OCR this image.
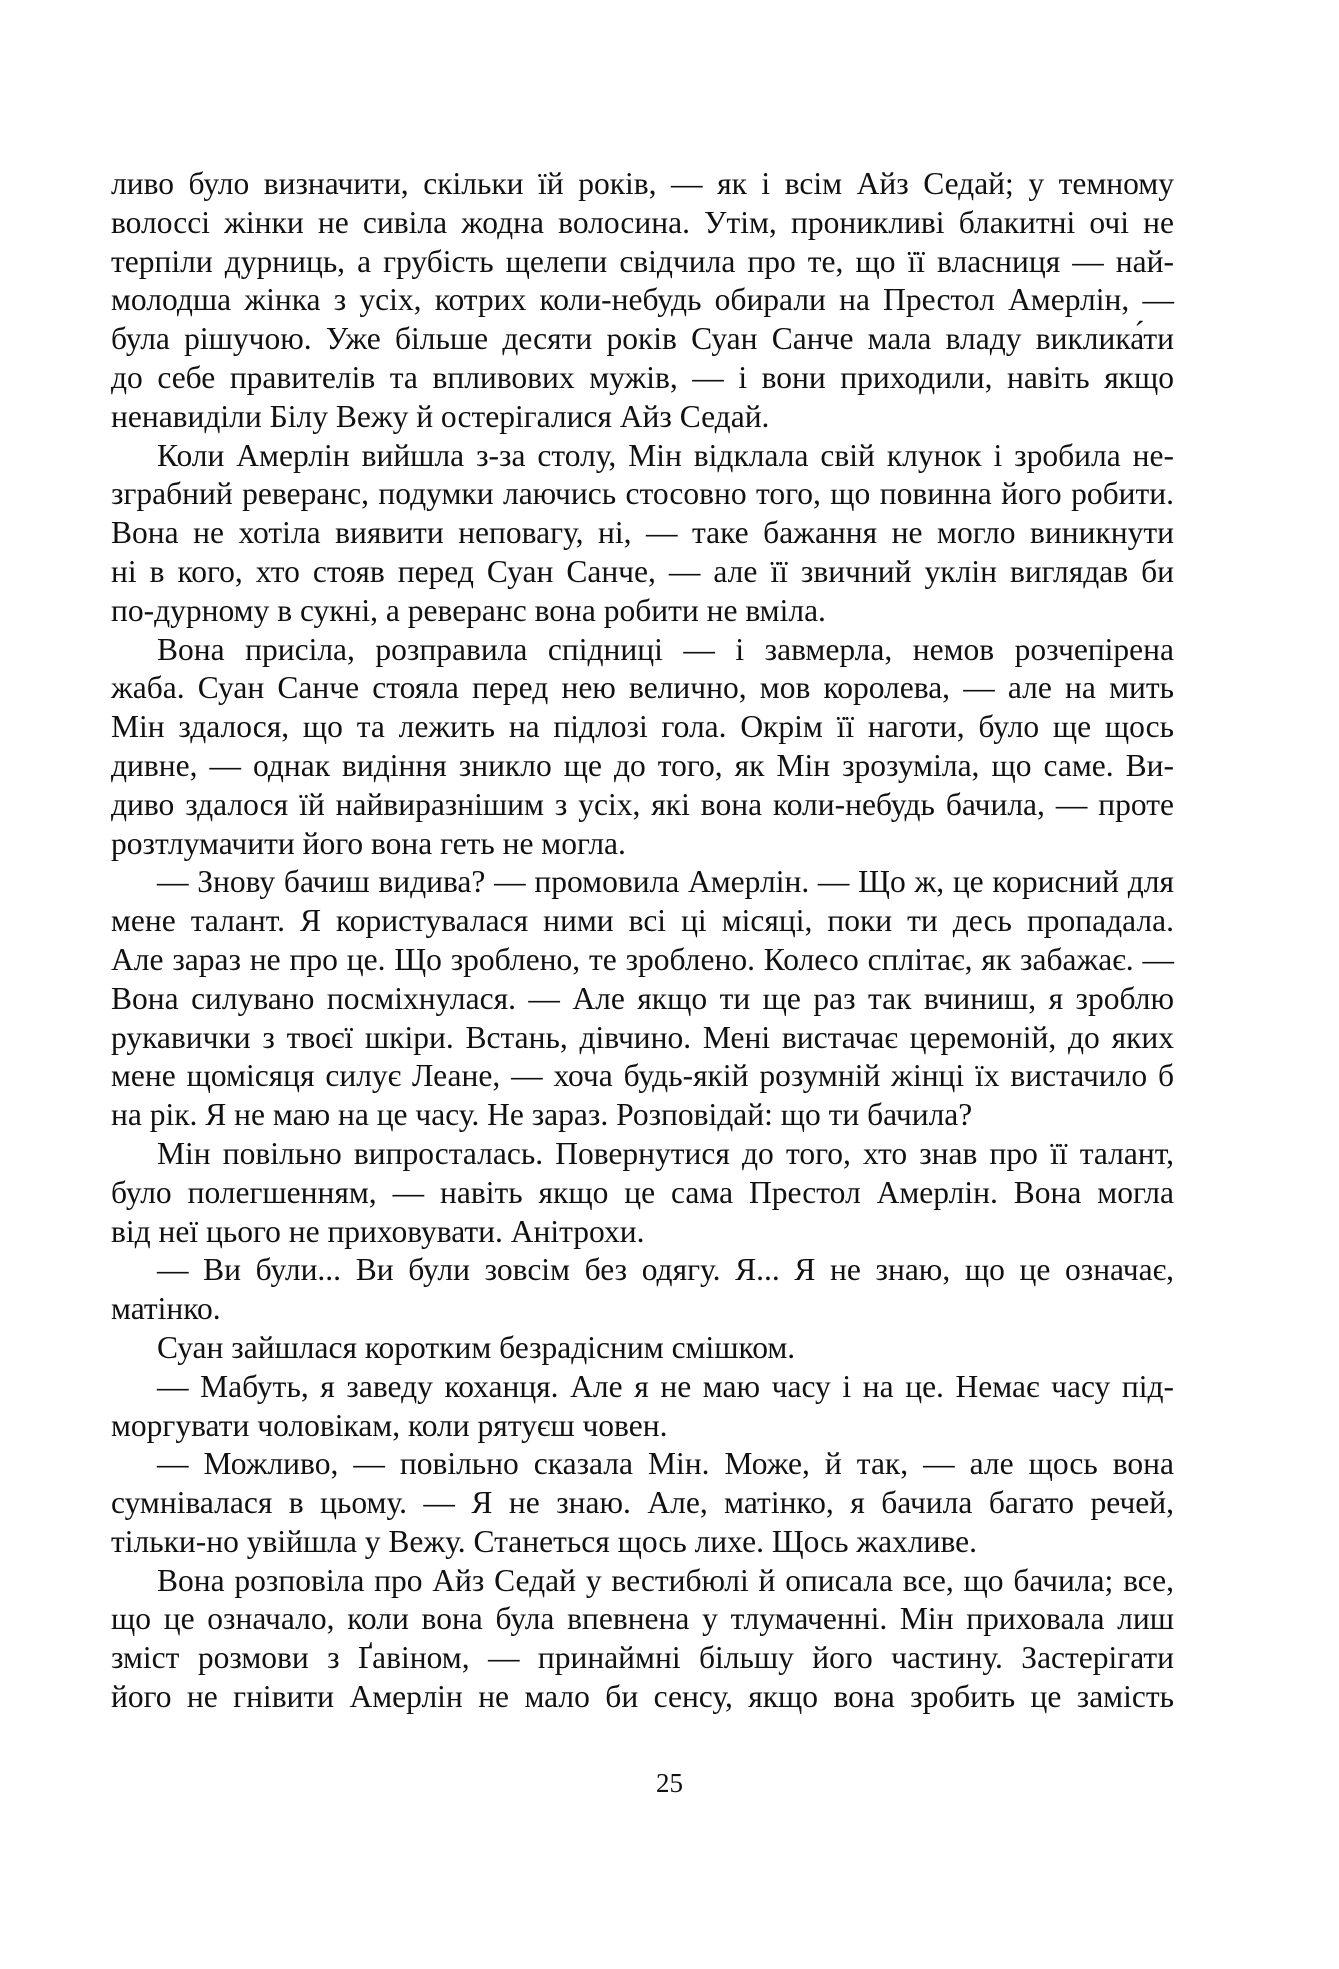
ливо було визначити, скільки їй років, — як і всім Айз Седай; у темному
волоссі жінки не сивіла жодна волосина. Утім, проникливі блакитні очі не
терпіли дурниць, а грубість щелепи свідчила про те, що її власниця — най-
молодша жінка з усіх, котрих коли-небудь обирали на Престол Амерлін, —
була рішучою. Уже більше десяти років Суан Санче мала владу виклика́ти
до себе правителів та впливових мужів, — і вони приходили, навіть якщо
ненавиділи Білу Вежу й остерігалися Айз Седай.
Коли Амерлін вийшла з-за столу, Мін відклала свій клунок і зробила не-
зграбний реверанс, подумки лаючись стосовно того, що повинна його робити.
Вона не хотіла виявити неповагу, ні, — таке бажання не могло виникнути
ні в кого, хто стояв перед Суан Санче, — але її звичний уклін виглядав би
по-дурному в сукні, а реверанс вона робити не вміла.
Вона присіла, розправила спідниці — і завмерла, немов розчепірена
жаба. Суан Санче стояла перед нею велично, мов королева, — але на мить
Мін здалося, що та лежить на підлозі гола. Окрім її наготи, було ще щось
дивне, — однак видіння зникло ще до того, як Мін зрозуміла, що саме. Ви-
диво здалося їй найвиразнішим з усіх, які вона коли-небудь бачила, — проте
розтлумачити його вона геть не могла.
— Знову бачиш видива? — промовила Амерлін. — Що ж, це корисний для
мене талант. Я користувалася ними всі ці місяці, поки ти десь пропадала.
Але зараз не про це. Що зроблено, те зроблено. Колесо сплітає, як забажає. —
Вона силувано посміхнулася. — Але якщо ти ще раз так вчиниш, я зроблю
рукавички з твоєї шкіри. Встань, дівчино. Мені вистачає церемоній, до яких
мене щомісяця силує Леане, — хоча будь-якій розумній жінці їх вистачило б
на рік. Я не маю на це часу. Не зараз. Розповідай: що ти бачила?
Мін повільно випросталась. Повернутися до того, хто знав про її талант,
було полегшенням, — навіть якщо це сама Престол Амерлін. Вона могла
від неї цього не приховувати. Анітрохи.
— Ви були... Ви були зовсім без одягу. Я... Я не знаю, що це означає,
матінко.
Суан зайшлася коротким безрадісним смішком.
— Мабуть, я заведу коханця. Але я не маю часу і на це. Немає часу під-
моргувати чоловікам, коли рятуєш човен.
— Можливо, — повільно сказала Мін. Може, й так, — але щось вона
сумнівалася в цьому. — Я не знаю. Але, матінко, я бачила багато речей,
тільки-но увійшла у Вежу. Станеться щось лихе. Щось жахливе.
Вона розповіла про Айз Седай у вестибюлі й описала все, що бачила; все,
що це означало, коли вона була впевнена у тлумаченні. Мін приховала лиш
зміст розмови з Ґавіном, — принаймні більшу його частину. Застерігати
його не гнівити Амерлін не мало би сенсу, якщо вона зробить це замість
25
